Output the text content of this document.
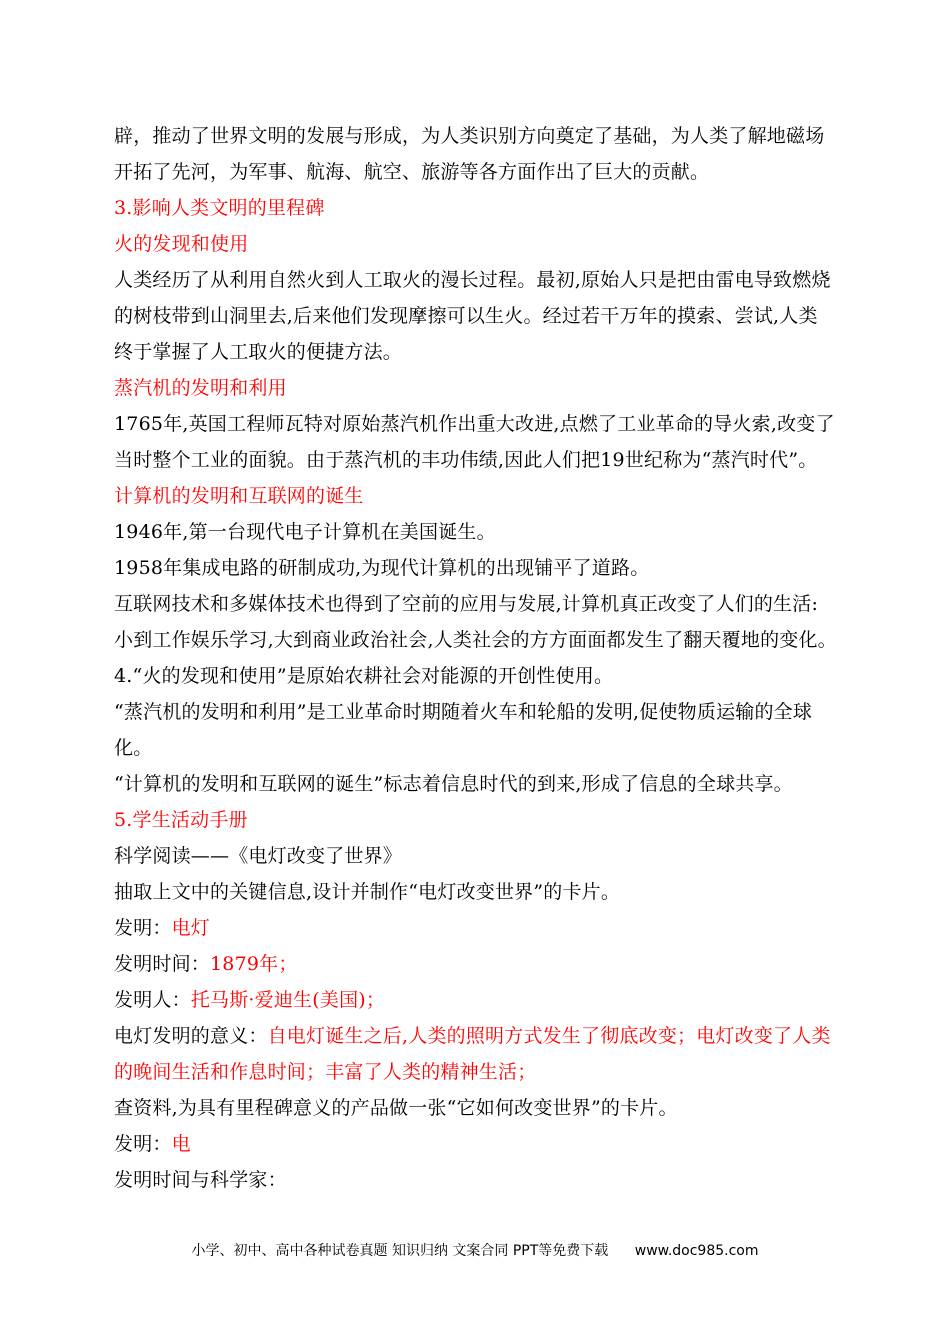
辟，推动了世界文明的发展与形成，为人类识别方向奠定了基础，为人类了解地磁场
开拓了先河，为军事、航海、航空、旅游等各方面作出了巨大的贡献。
3.影响人类文明的里程碑
火的发现和使用
人类经历了从利用自然火到人工取火的漫长过程。最初,原始人只是把由雷电导致燃烧
的树枝带到山洞里去,后来他们发现摩擦可以生火。经过若干万年的摸索、尝试,人类
终于掌握了人工取火的便捷方法。
蒸汽机的发明和利用
1765年,英国工程师瓦特对原始蒸汽机作出重大改进,点燃了工业革命的导火索,改变了
当时整个工业的面貌。由于蒸汽机的丰功伟绩,因此人们把19世纪称为“蒸汽时代”。
计算机的发明和互联网的诞生
1946年,第一台现代电子计算机在美国诞生。
1958年集成电路的研制成功,为现代计算机的出现铺平了道路。
互联网技术和多媒体技术也得到了空前的应用与发展,计算机真正改变了人们的生活:
小到工作娱乐学习,大到商业政治社会,人类社会的方方面面都发生了翻天覆地的变化。
4.“火的发现和使用”是原始农耕社会对能源的开创性使用。
“蒸汽机的发明和利用”是工业革命时期随着火车和轮船的发明,促使物质运输的全球
化。
“计算机的发明和互联网的诞生”标志着信息时代的到来,形成了信息的全球共享。
5.学生活动手册
科学阅读——《电灯改变了世界》
抽取上文中的关键信息,设计并制作“电灯改变世界”的卡片。
发明：电灯
发明时间：1879年；
发明人：托马斯·爱迪生(美国)；
电灯发明的意义：自电灯诞生之后,人类的照明方式发生了彻底改变；电灯改变了人类
的晚间生活和作息时间；丰富了人类的精神生活；
查资料,为具有里程碑意义的产品做一张“它如何改变世界”的卡片。
发明：电
发明时间与科学家：
小学、初中、高中各种试卷真题 知识归纳 文案合同 PPT等免费下载 www.doc985.com
